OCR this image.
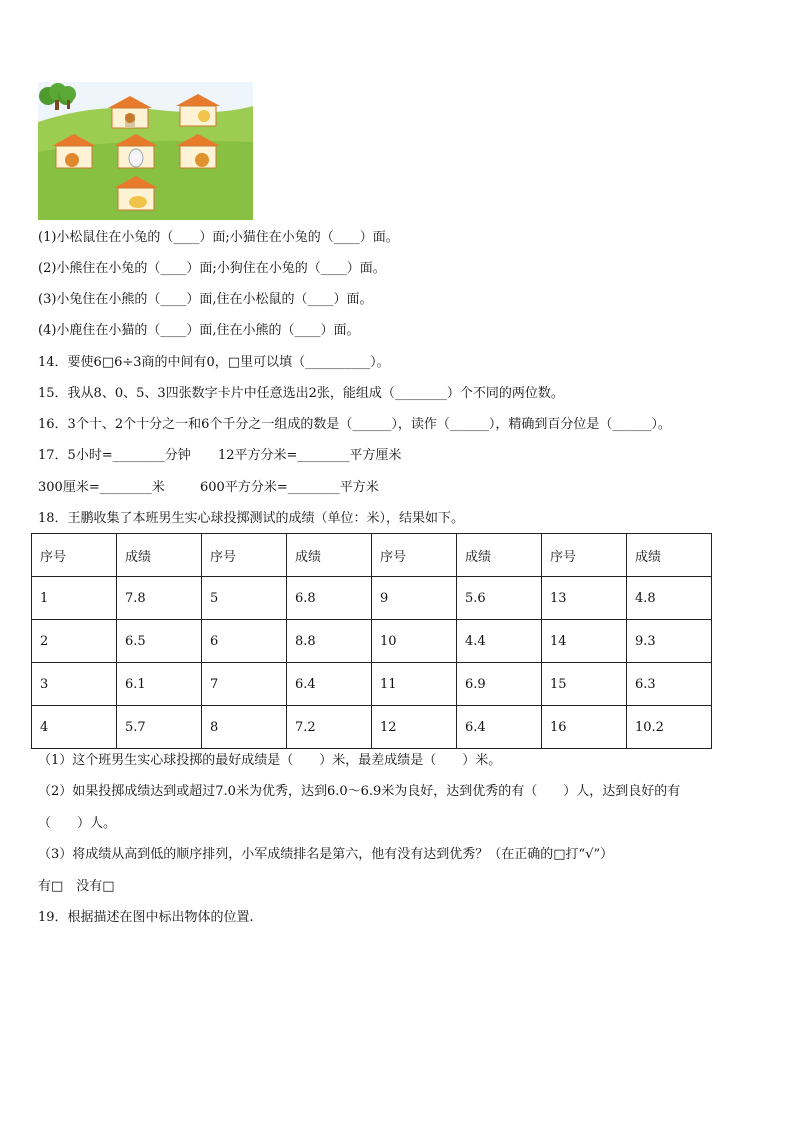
(1)小松鼠住在小兔的（____）面;小猫住在小兔的（____）面。
(2)小熊住在小兔的（____）面;小狗住在小兔的（____）面。
(3)小兔住在小熊的（____）面,住在小松鼠的（____）面。
(4)小鹿住在小猫的（____）面,住在小熊的（____）面。
14．要使6□6÷3商的中间有0，□里可以填（__________）。
15．我从8、0、5、3四张数字卡片中任意选出2张，能组成（________）个不同的两位数。
16．3个十、2个十分之一和6个千分之一组成的数是（______），读作（______），精确到百分位是（______）。
17．5小时=________分钟 12平方分米=________平方厘米
300厘米=________米	600平方分米=________平方米
18．王鹏收集了本班男生实心球投掷测试的成绩（单位：米），结果如下。
序号	成绩	序号	成绩	序号	成绩	序号	成绩
1	7.8	5	6.8	9	5.6	13	4.8
2	6.5	6	8.8	10	4.4	14	9.3
3	6.1	7	6.4	11	6.9	15	6.3
4	5.7	8	7.2	12	6.4	16	10.2
（1）这个班男生实心球投掷的最好成绩是（　　）米，最差成绩是（　　）米。
（2）如果投掷成绩达到或超过7.0米为优秀，达到6.0～6.9米为良好，达到优秀的有（　　）人，达到良好的有
（　　）人。
（3）将成绩从高到低的顺序排列，小军成绩排名是第六，他有没有达到优秀？（在正确的□打“√”）
有□　没有□
19．根据描述在图中标出物体的位置.
